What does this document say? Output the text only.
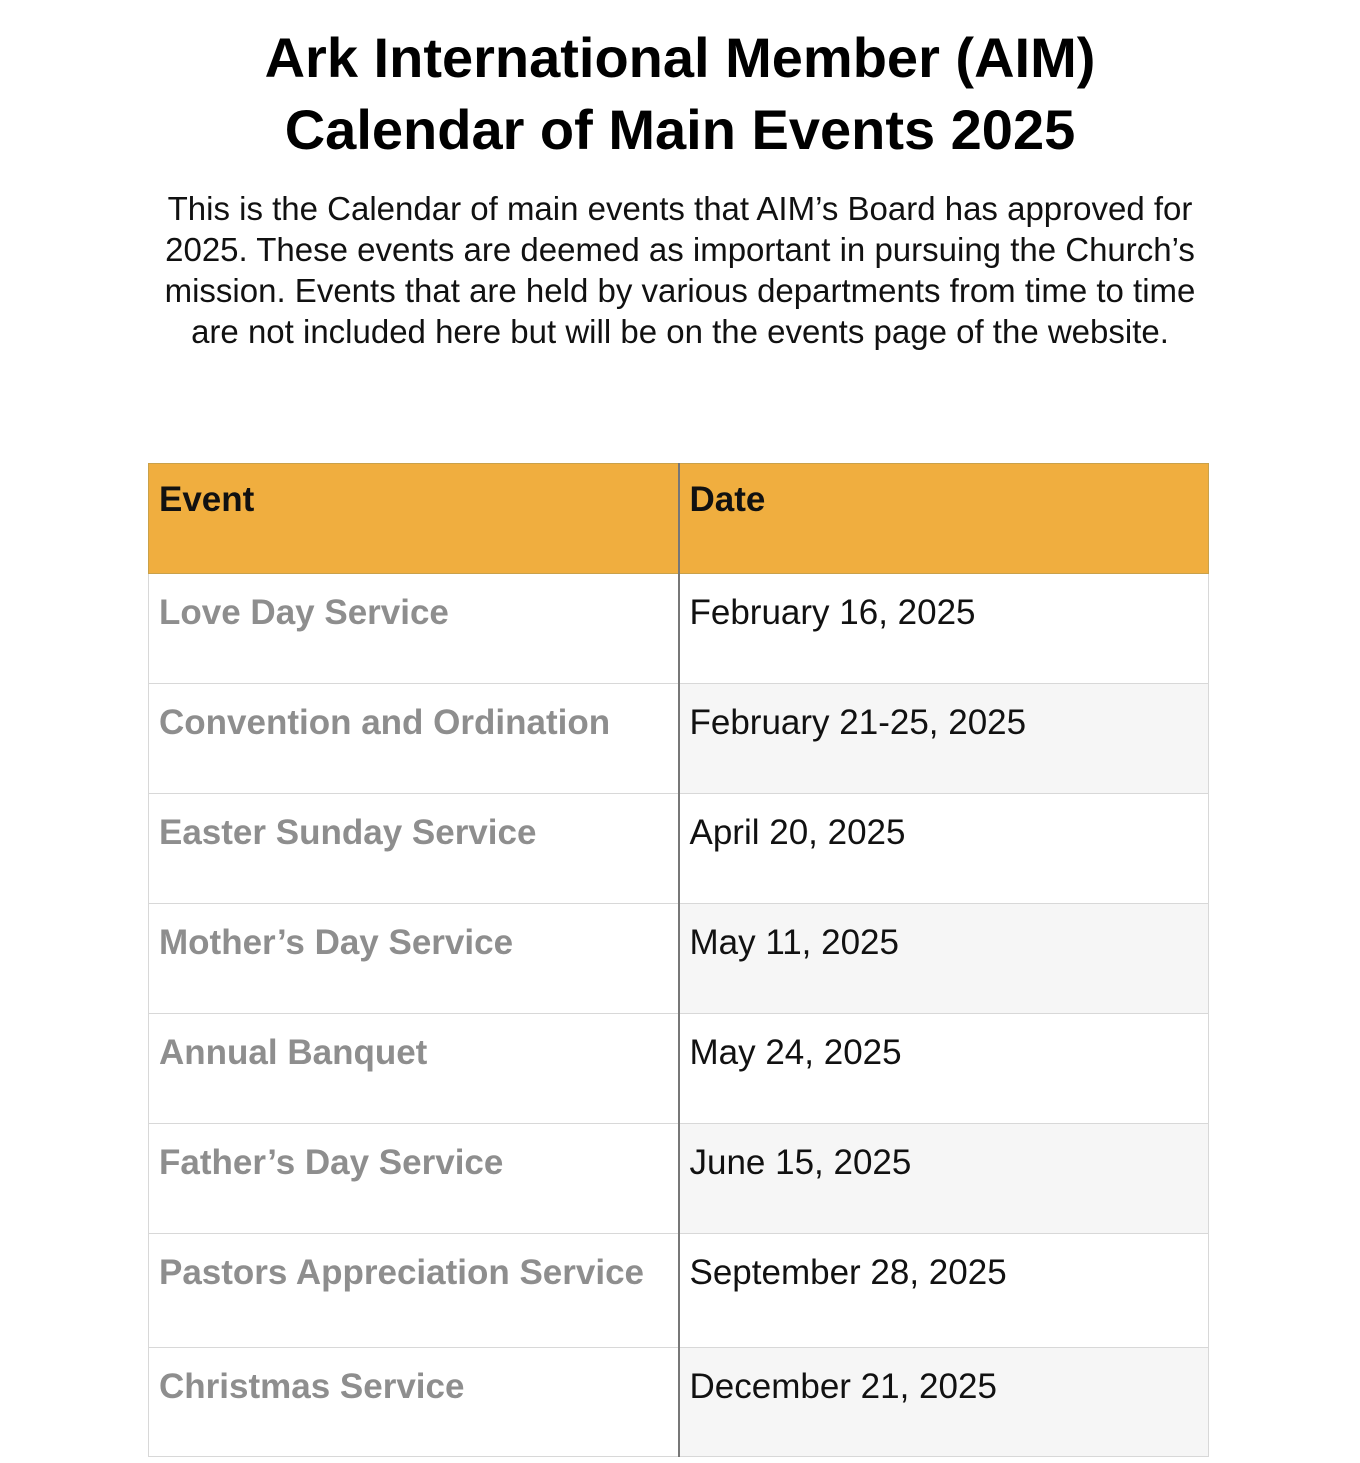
Ark International Member (AIM)
Calendar of Main Events 2025

This is the Calendar of main events that AIM’s Board has approved for 2025. These events are deemed as important in pursuing the Church’s mission. Events that are held by various departments from time to time are not included here but will be on the events page of the website.

Event	Date
Love Day Service	February 16, 2025
Convention and Ordination	February 21-25, 2025
Easter Sunday Service	April 20, 2025
Mother’s Day Service	May 11, 2025
Annual Banquet	May 24, 2025
Father’s Day Service	June 15, 2025
Pastors Appreciation Service	September 28, 2025
Christmas Service	December 21, 2025
